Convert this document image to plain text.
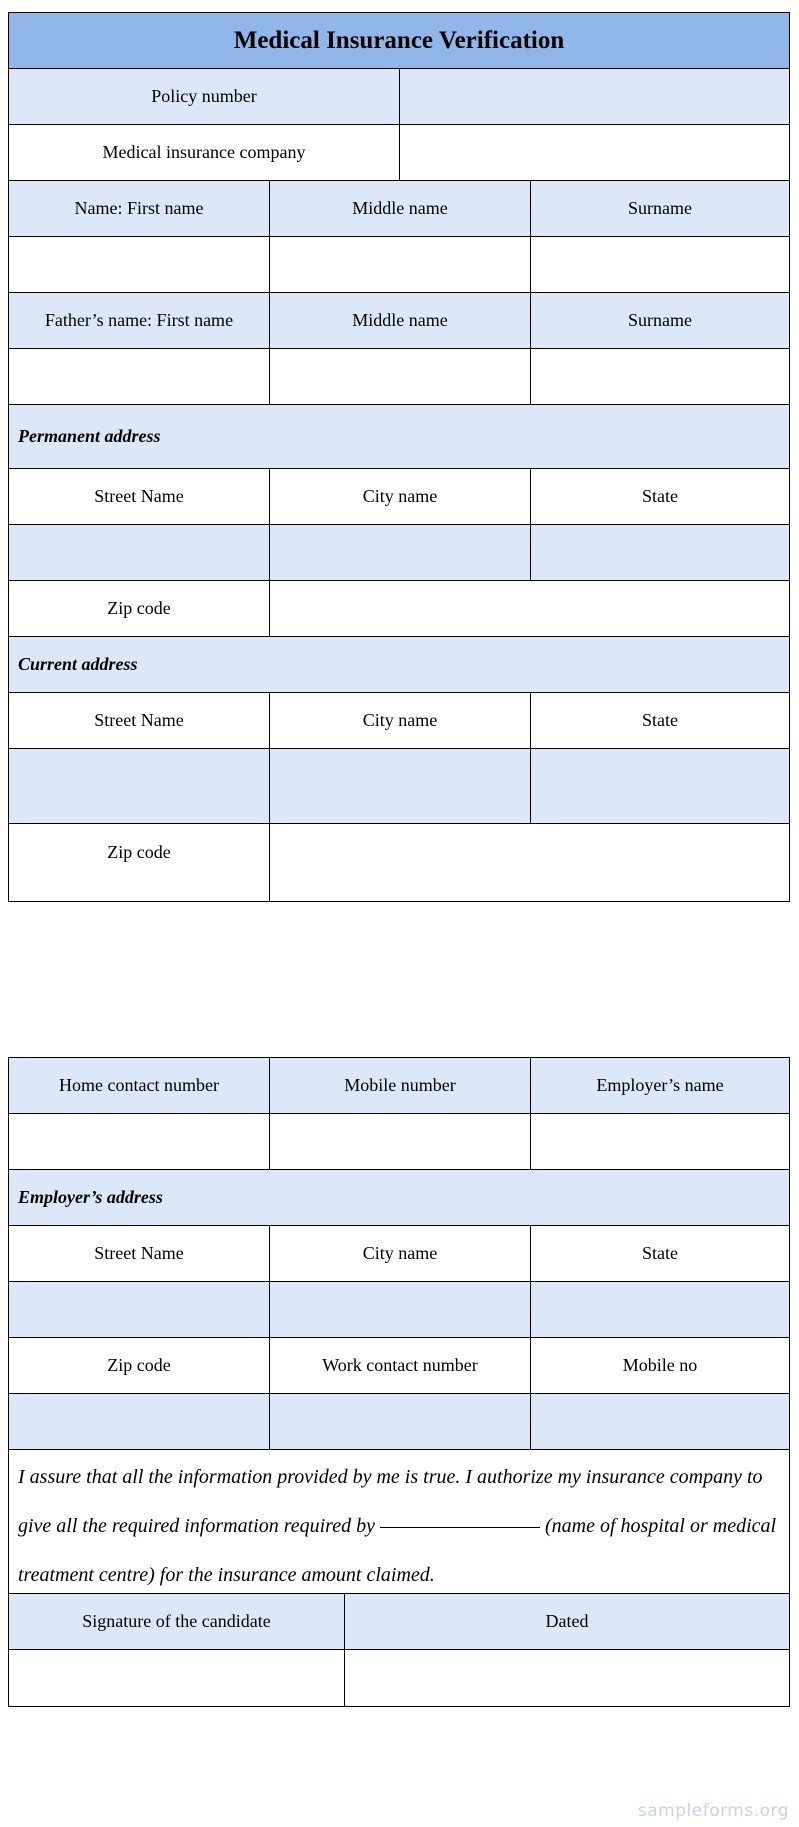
Medical Insurance Verification
Policy number
Medical insurance company
Name: First name	Middle name	Surname
Father’s name: First name	Middle name	Surname
Permanent address
Street Name	City name	State
Zip code
Current address
Street Name	City name	State
Zip code
Home contact number	Mobile number	Employer’s name
Employer’s address
Street Name	City name	State
Zip code	Work contact number	Mobile no
I assure that all the information provided by me is true. I authorize my insurance company to give all the required information required by	(name of hospital or medical treatment centre) for the insurance amount claimed.
Signature of the candidate	Dated
sampleforms.org
